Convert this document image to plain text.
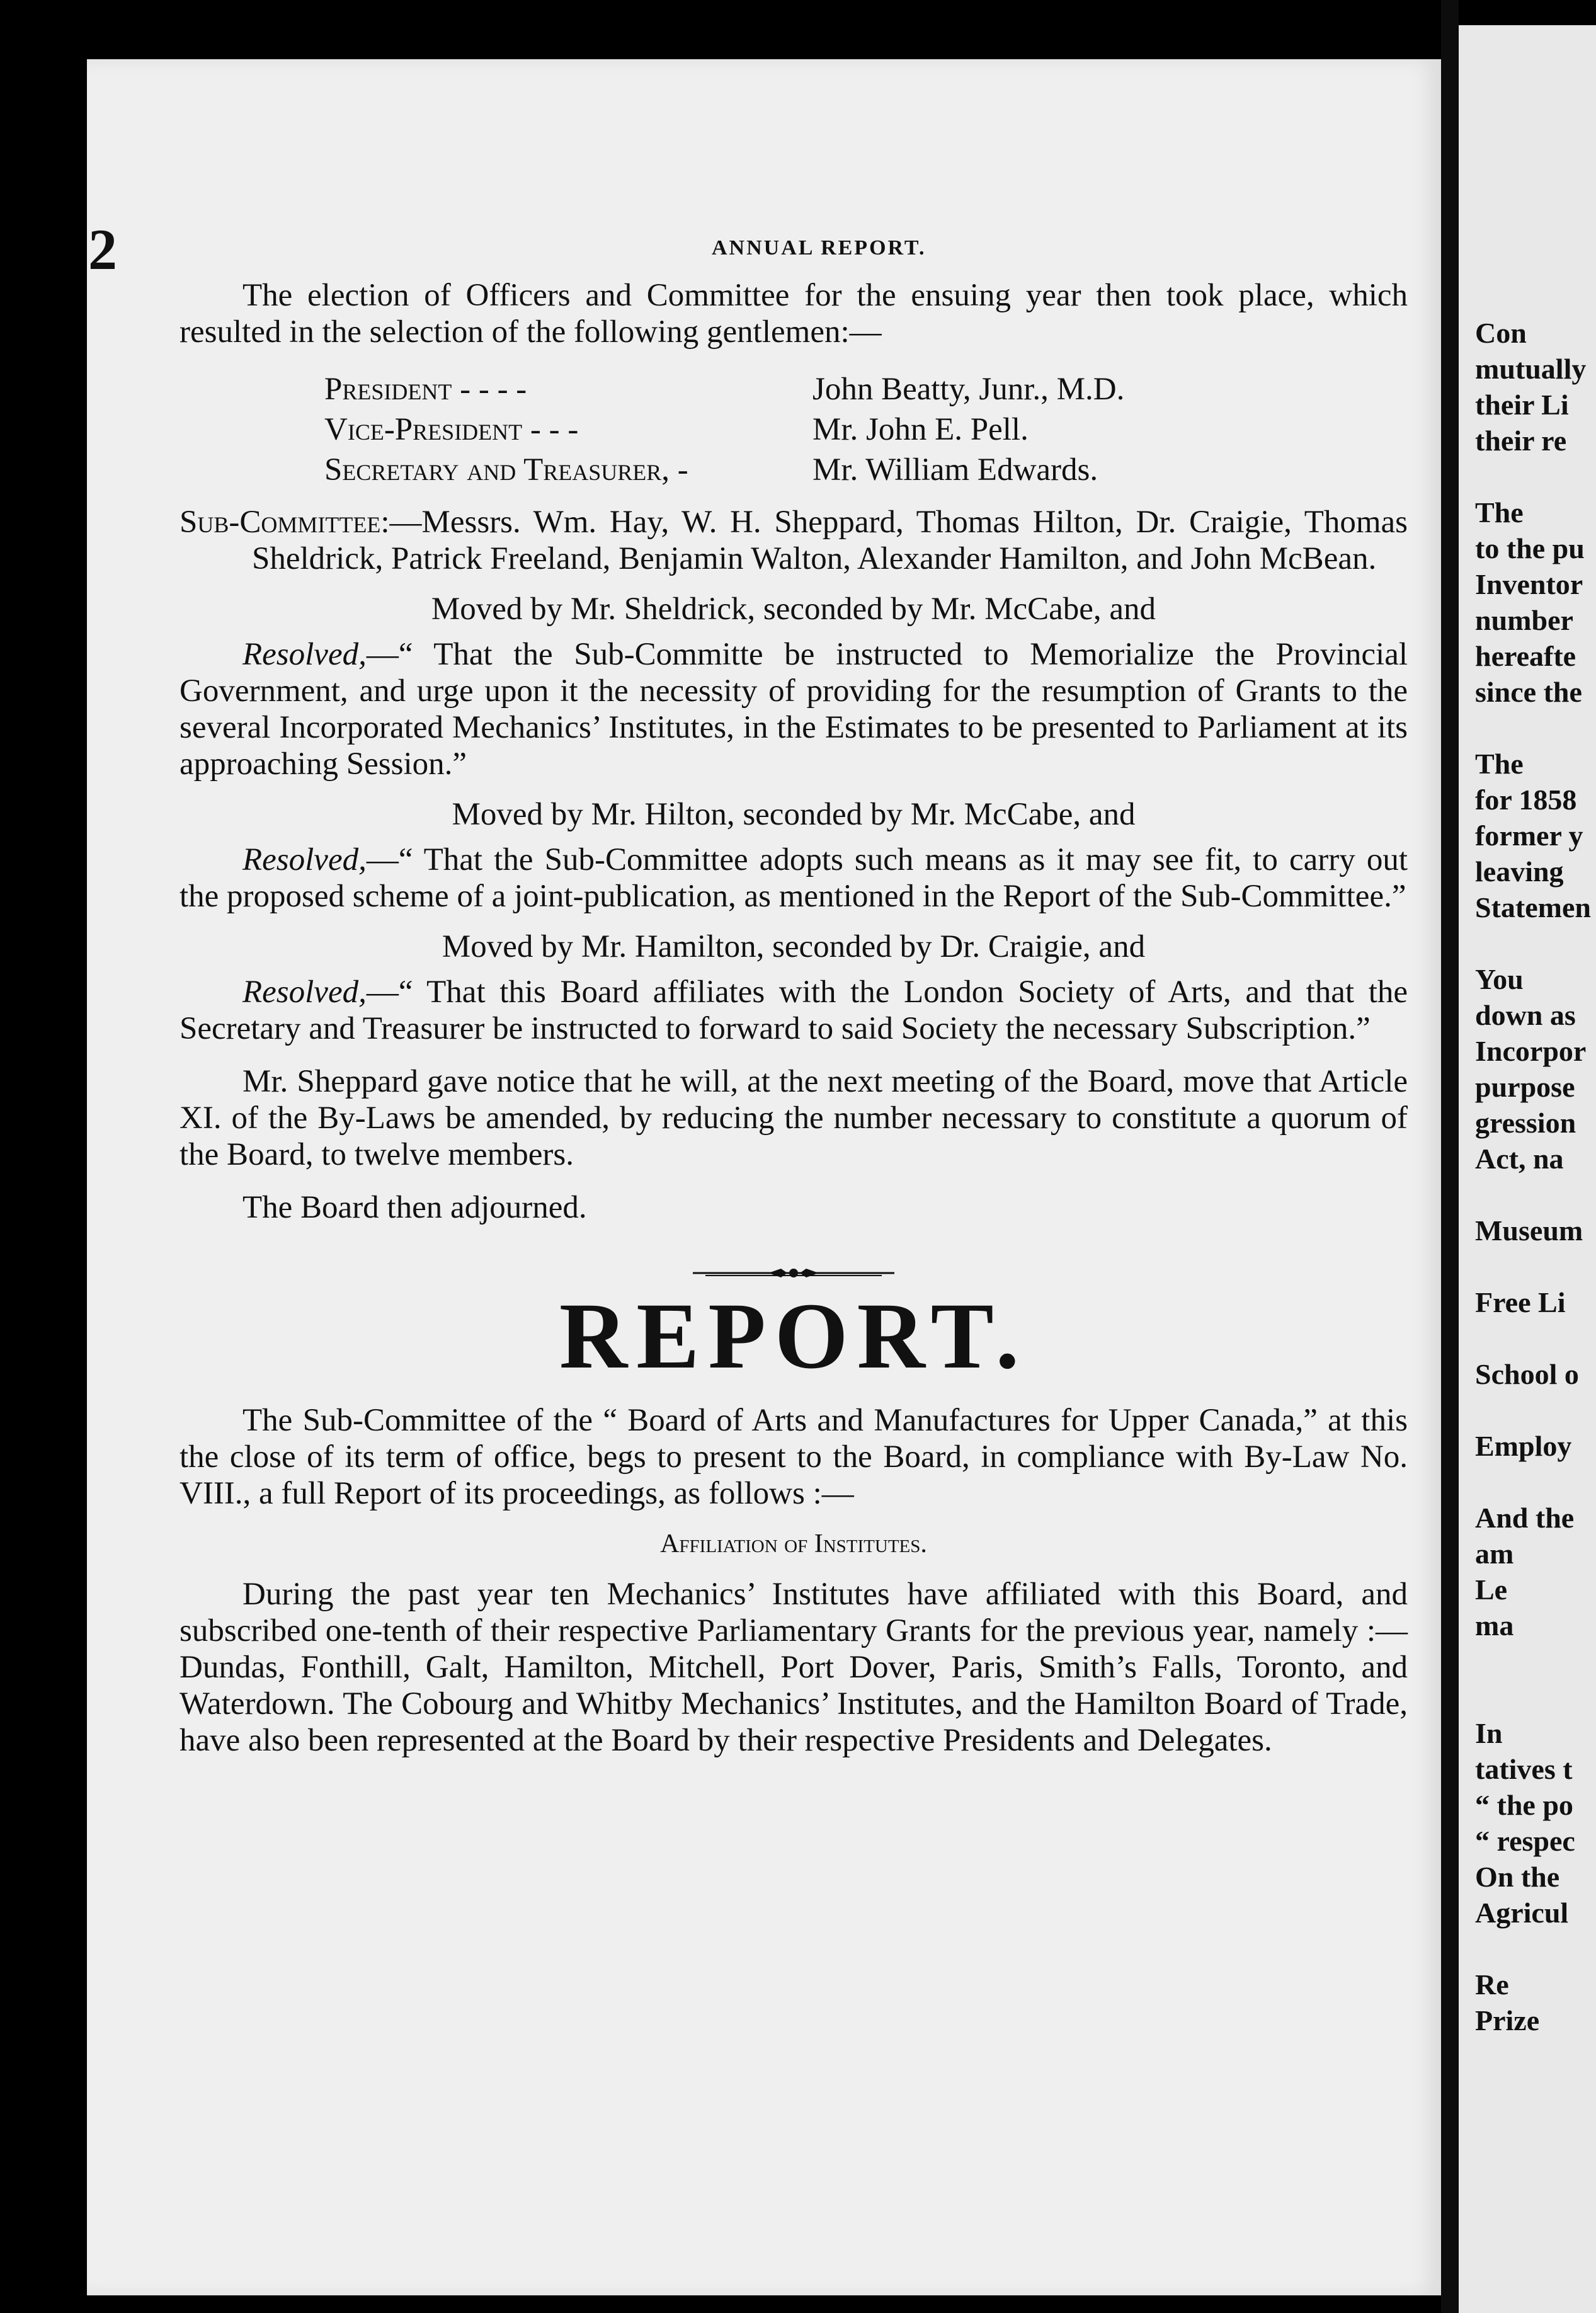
Con
mutually
their Li
their re

The
to the pu
Inventor
number
hereafte
since the

The
for 1858
former y
leaving
Statemen

You
down as
Incorpor
purpose
gression
Act, na

Museum

Free Li

School o

Employ

And the
am
Le
ma

In
tatives t
“ the po
“ respec
On the
Agricul

Re
Prize
2	ANNUAL REPORT.

The election of Officers and Committee for the ensuing year then took place, which resulted in the selection of the following gentlemen:—

President - - - -	John Beatty, Junr., M.D.
Vice-President - - -	Mr. John E. Pell.
Secretary and Treasurer, -	Mr. William Edwards.

Sub-Committee:—Messrs. Wm. Hay, W. H. Sheppard, Thomas Hilton, Dr. Craigie, Thomas Sheldrick, Patrick Freeland, Benjamin Walton, Alexander Hamilton, and John McBean.

Moved by Mr. Sheldrick, seconded by Mr. McCabe, and

Resolved,—“ That the Sub-Committe be instructed to Memorialize the Provincial Government, and urge upon it the necessity of providing for the resumption of Grants to the several Incorporated Mechanics’ Institutes, in the Estimates to be presented to Parliament at its approaching Session.”

Moved by Mr. Hilton, seconded by Mr. McCabe, and

Resolved,—“ That the Sub-Committee adopts such means as it may see fit, to carry out the proposed scheme of a joint-publication, as mentioned in the Report of the Sub-Committee.”

Moved by Mr. Hamilton, seconded by Dr. Craigie, and

Resolved,—“ That this Board affiliates with the London Society of Arts, and that the Secretary and Treasurer be instructed to forward to said Society the necessary Subscription.”

Mr. Sheppard gave notice that he will, at the next meeting of the Board, move that Article XI. of the By-Laws be amended, by reducing the number necessary to constitute a quorum of the Board, to twelve members.

The Board then adjourned.

REPORT.

The Sub-Committee of the “ Board of Arts and Manufactures for Upper Canada,” at this the close of its term of office, begs to present to the Board, in compliance with By-Law No. VIII., a full Report of its proceedings, as follows :—

Affiliation of Institutes.

During the past year ten Mechanics’ Institutes have affiliated with this Board, and subscribed one-tenth of their respective Parliamentary Grants for the previous year, namely :—Dundas, Fonthill, Galt, Hamilton, Mitchell, Port Dover, Paris, Smith’s Falls, Toronto, and Waterdown. The Cobourg and Whitby Mechanics’ Institutes, and the Hamilton Board of Trade, have also been represented at the Board by their respective Presidents and Delegates.
